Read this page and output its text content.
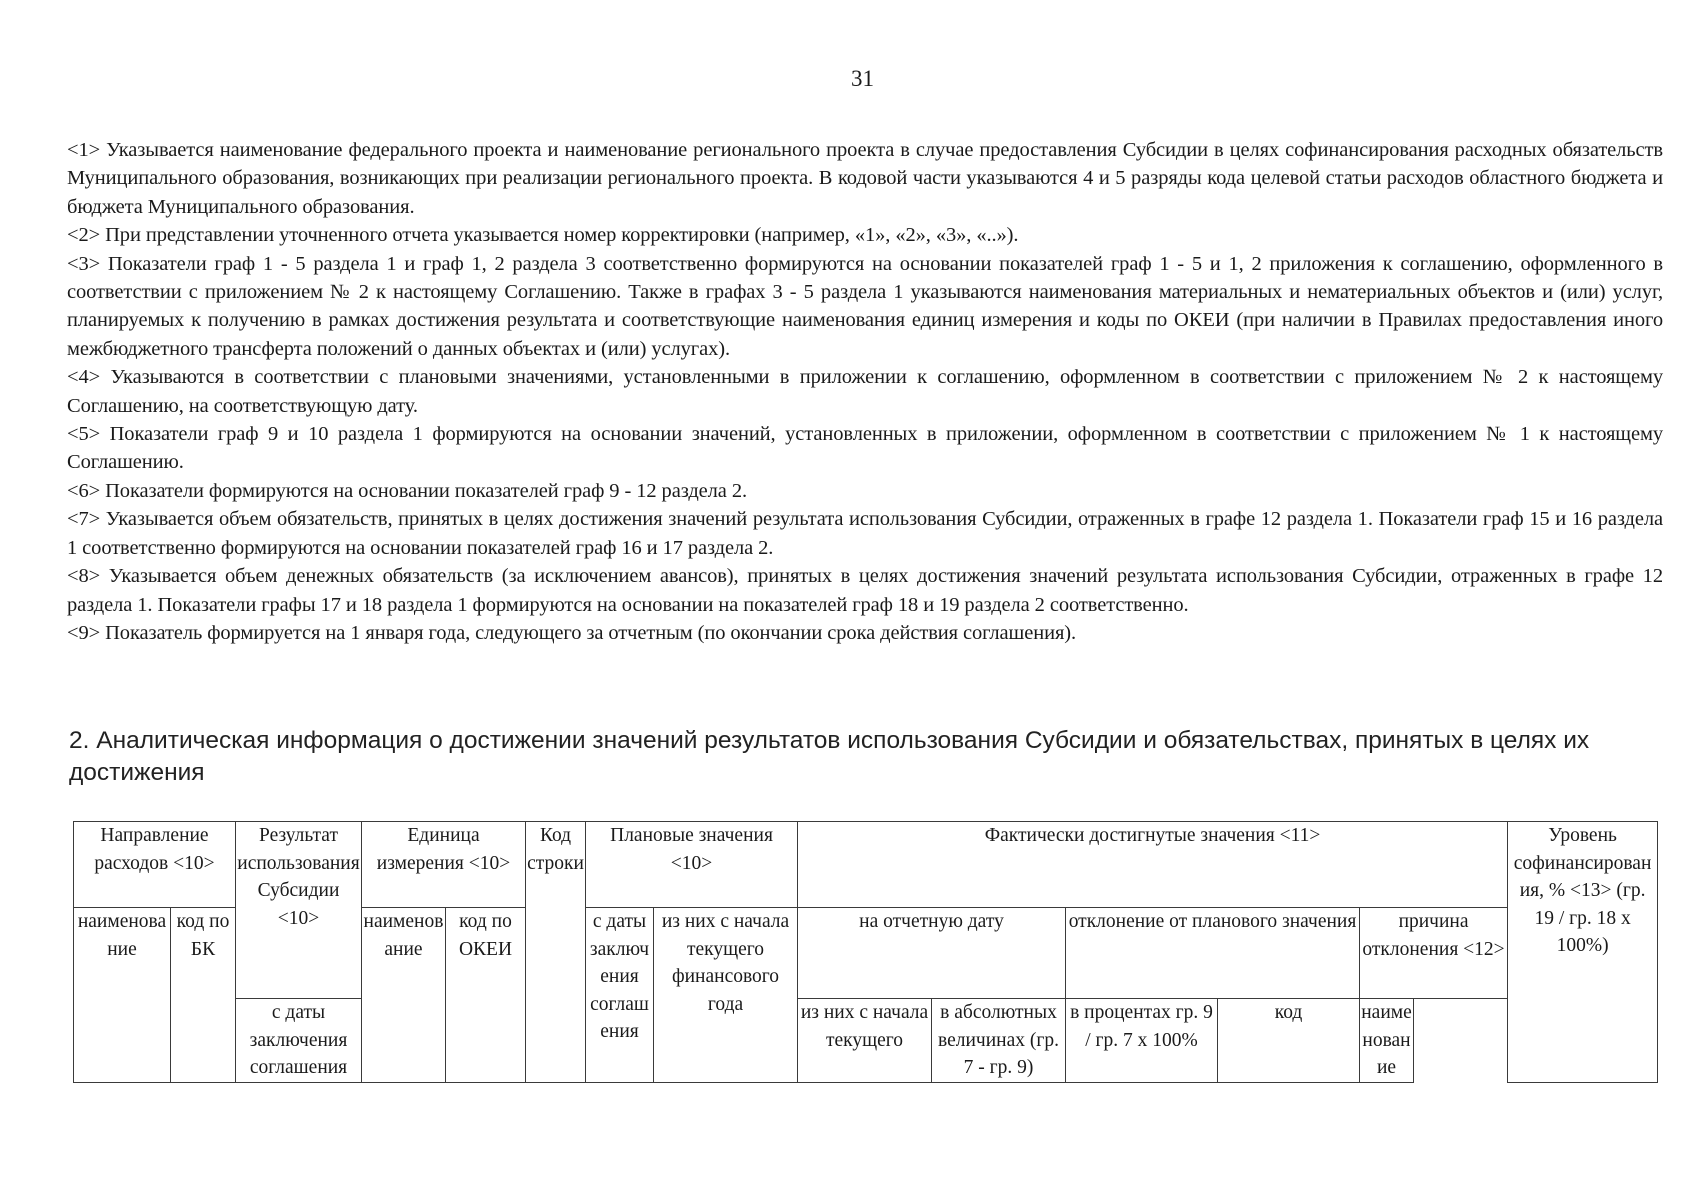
31

<1> Указывается наименование федерального проекта и наименование регионального проекта в случае предоставления Субсидии в целях софинансирования расходных обязательств Муниципального образования, возникающих при реализации регионального проекта. В кодовой части указываются 4 и 5 разряды кода целевой статьи расходов областного бюджета и бюджета Муниципального образования.

<2> При представлении уточненного отчета указывается номер корректировки (например, «1», «2», «3», «..»).

<3> Показатели граф 1 - 5 раздела 1 и граф 1, 2 раздела 3 соответственно формируются на основании показателей граф 1 - 5 и 1, 2 приложения к соглашению, оформленного в соответствии с приложением № 2 к настоящему Соглашению. Также в графах 3 - 5 раздела 1 указываются наименования материальных и нематериальных объектов и (или) услуг, планируемых к получению в рамках достижения результата и соответствующие наименования единиц измерения и коды по ОКЕИ (при наличии в Правилах предоставления иного межбюджетного трансферта положений о данных объектах и (или) услугах).

<4> Указываются в соответствии с плановыми значениями, установленными в приложении к соглашению, оформленном в соответствии с приложением № 2 к настоящему Соглашению, на соответствующую дату.

<5> Показатели граф 9 и 10 раздела 1 формируются на основании значений, установленных в приложении, оформленном в соответствии с приложением № 1 к настоящему Соглашению.

<6> Показатели формируются на основании показателей граф 9 - 12 раздела 2.

<7> Указывается объем обязательств, принятых в целях достижения значений результата использования Субсидии, отраженных в графе 12 раздела 1. Показатели граф 15 и 16 раздела 1 соответственно формируются на основании показателей граф 16 и 17 раздела 2.

<8> Указывается объем денежных обязательств (за исключением авансов), принятых в целях достижения значений результата использования Субсидии, отраженных в графе 12 раздела 1. Показатели графы 17 и 18 раздела 1 формируются на основании на показателей граф 18 и 19 раздела 2 соответственно.

<9> Показатель формируется на 1 января года, следующего за отчетным (по окончании срока действия соглашения).

2. Аналитическая информация о достижении значений результатов использования Субсидии и обязательствах, принятых в целях их достижения
Направление расходов <10>		Результат использования Субсидии <10>	Единица измерения <10>		Код строки	Плановые значения <10>		Фактически достигнутые значения <11>					Уровень софинансирования, % <13> (гр. 19 / гр. 18 х 100%)
наименование	код по БК		наименование	код по ОКЕИ		с даты заключения соглашения	из них с начала текущего финансового года	на отчетную дату		отклонение от планового значения		причина отклонения <12>	
		с даты заключения соглашения						из них с начала текущего	в абсолютных величинах (гр. 7 - гр. 9)	в процентах гр. 9 / гр. 7 х 100%	код	наименование	
